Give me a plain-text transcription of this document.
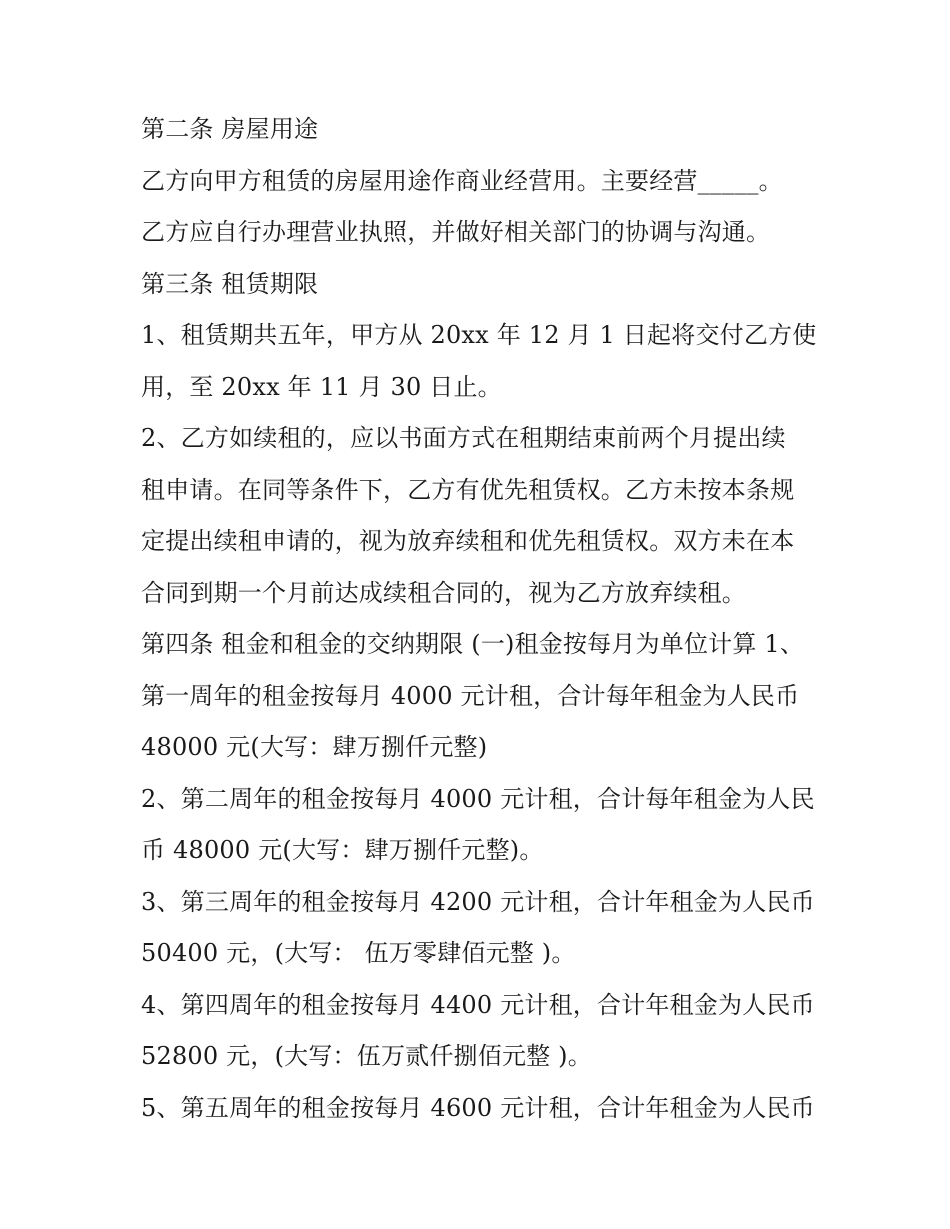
第二条 房屋用途
乙方向甲方租赁的房屋用途作商业经营用。主要经营_____。
乙方应自行办理营业执照，并做好相关部门的协调与沟通。
第三条 租赁期限
1、租赁期共五年，甲方从 20xx 年 12 月 1 日起将交付乙方使
用，至 20xx 年 11 月 30 日止。
2、乙方如续租的，应以书面方式在租期结束前两个月提出续
租申请。在同等条件下，乙方有优先租赁权。乙方未按本条规
定提出续租申请的，视为放弃续租和优先租赁权。双方未在本
合同到期一个月前达成续租合同的，视为乙方放弃续租。
第四条 租金和租金的交纳期限 (一)租金按每月为单位计算 1、
第一周年的租金按每月 4000 元计租，合计每年租金为人民币
48000 元(大写：肆万捌仟元整)
2、第二周年的租金按每月 4000 元计租，合计每年租金为人民
币 48000 元(大写：肆万捌仟元整)。
3、第三周年的租金按每月 4200 元计租，合计年租金为人民币
50400 元，(大写： 伍万零肆佰元整 )。
4、第四周年的租金按每月 4400 元计租，合计年租金为人民币
52800 元，(大写：伍万贰仟捌佰元整 )。
5、第五周年的租金按每月 4600 元计租，合计年租金为人民币
